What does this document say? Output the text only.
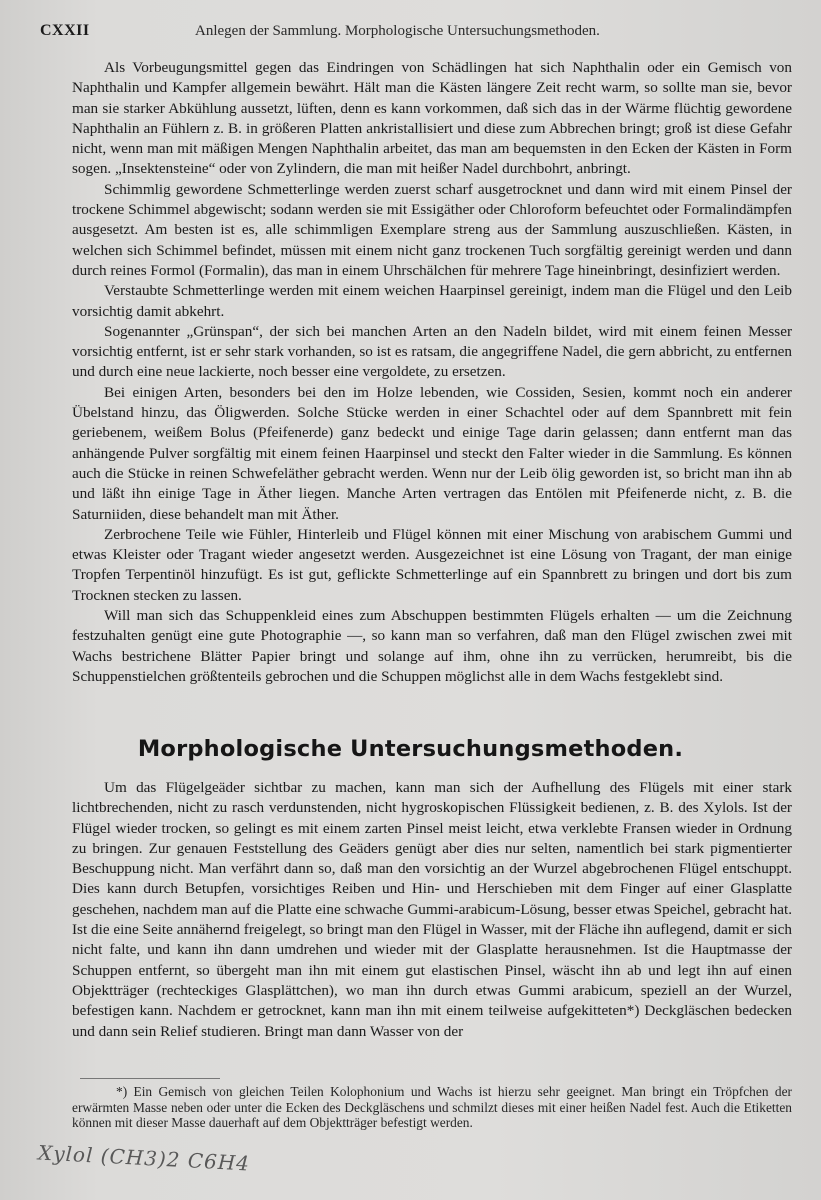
CXXII	Anlegen der Sammlung. Morphologische Untersuchungsmethoden.

Als Vorbeugungsmittel gegen das Eindringen von Schädlingen hat sich Naphthalin oder ein Gemisch von Naphthalin und Kampfer allgemein bewährt. Hält man die Kästen längere Zeit recht warm, so sollte man sie, bevor man sie starker Abkühlung aussetzt, lüften, denn es kann vorkommen, daß sich das in der Wärme flüchtig gewordene Naphthalin an Fühlern z. B. in größeren Platten ankristallisiert und diese zum Abbrechen bringt; groß ist diese Gefahr nicht, wenn man mit mäßigen Mengen Naphthalin arbeitet, das man am bequemsten in den Ecken der Kästen in Form sogen. „Insektensteine“ oder von Zylindern, die man mit heißer Nadel durchbohrt, anbringt.

Schimmlig gewordene Schmetterlinge werden zuerst scharf ausgetrocknet und dann wird mit einem Pinsel der trockene Schimmel abgewischt; sodann werden sie mit Essigäther oder Chloroform befeuchtet oder Formalindämpfen ausgesetzt. Am besten ist es, alle schimmligen Exemplare streng aus der Sammlung auszuschließen. Kästen, in welchen sich Schimmel befindet, müssen mit einem nicht ganz trockenen Tuch sorgfältig gereinigt werden und dann durch reines Formol (Formalin), das man in einem Uhrschälchen für mehrere Tage hineinbringt, desinfiziert werden.

Verstaubte Schmetterlinge werden mit einem weichen Haarpinsel gereinigt, indem man die Flügel und den Leib vorsichtig damit abkehrt.

Sogenannter „Grünspan“, der sich bei manchen Arten an den Nadeln bildet, wird mit einem feinen Messer vorsichtig entfernt, ist er sehr stark vorhanden, so ist es ratsam, die angegriffene Nadel, die gern abbricht, zu entfernen und durch eine neue lackierte, noch besser eine vergoldete, zu ersetzen.

Bei einigen Arten, besonders bei den im Holze lebenden, wie Cossiden, Sesien, kommt noch ein anderer Übelstand hinzu, das Öligwerden. Solche Stücke werden in einer Schachtel oder auf dem Spannbrett mit fein geriebenem, weißem Bolus (Pfeifenerde) ganz bedeckt und einige Tage darin gelassen; dann entfernt man das anhängende Pulver sorgfältig mit einem feinen Haarpinsel und steckt den Falter wieder in die Sammlung. Es können auch die Stücke in reinen Schwefeläther gebracht werden. Wenn nur der Leib ölig geworden ist, so bricht man ihn ab und läßt ihn einige Tage in Äther liegen. Manche Arten vertragen das Entölen mit Pfeifenerde nicht, z. B. die Saturniiden, diese behandelt man mit Äther.

Zerbrochene Teile wie Fühler, Hinterleib und Flügel können mit einer Mischung von arabischem Gummi und etwas Kleister oder Tragant wieder angesetzt werden. Ausgezeichnet ist eine Lösung von Tragant, der man einige Tropfen Terpentinöl hinzufügt. Es ist gut, geflickte Schmetterlinge auf ein Spannbrett zu bringen und dort bis zum Trocknen stecken zu lassen.

Will man sich das Schuppenkleid eines zum Abschuppen bestimmten Flügels erhalten — um die Zeichnung festzuhalten genügt eine gute Photographie —, so kann man so verfahren, daß man den Flügel zwischen zwei mit Wachs bestrichene Blätter Papier bringt und solange auf ihm, ohne ihn zu verrücken, herumreibt, bis die Schuppenstielchen größtenteils gebrochen und die Schuppen möglichst alle in dem Wachs festgeklebt sind.

Morphologische Untersuchungsmethoden.

Um das Flügelgeäder sichtbar zu machen, kann man sich der Aufhellung des Flügels mit einer stark lichtbrechenden, nicht zu rasch verdunstenden, nicht hygroskopischen Flüssigkeit bedienen, z. B. des Xylols. Ist der Flügel wieder trocken, so gelingt es mit einem zarten Pinsel meist leicht, etwa verklebte Fransen wieder in Ordnung zu bringen. Zur genauen Feststellung des Geäders genügt aber dies nur selten, namentlich bei stark pigmentierter Beschuppung nicht. Man verfährt dann so, daß man den vorsichtig an der Wurzel abgebrochenen Flügel entschuppt. Dies kann durch Betupfen, vorsichtiges Reiben und Hin- und Herschieben mit dem Finger auf einer Glasplatte geschehen, nachdem man auf die Platte eine schwache Gummi-arabicum-Lösung, besser etwas Speichel, gebracht hat. Ist die eine Seite annähernd freigelegt, so bringt man den Flügel in Wasser, mit der Fläche ihn auflegend, damit er sich nicht falte, und kann ihn dann umdrehen und wieder mit der Glasplatte herausnehmen. Ist die Hauptmasse der Schuppen entfernt, so übergeht man ihn mit einem gut elastischen Pinsel, wäscht ihn ab und legt ihn auf einen Objektträger (rechteckiges Glasplättchen), wo man ihn durch etwas Gummi arabicum, speziell an der Wurzel, befestigen kann. Nachdem er getrocknet, kann man ihn mit einem teilweise aufgekitteten*) Deckgläschen bedecken und dann sein Relief studieren. Bringt man dann Wasser von der

*) Ein Gemisch von gleichen Teilen Kolophonium und Wachs ist hierzu sehr geeignet. Man bringt ein Tröpfchen der erwärmten Masse neben oder unter die Ecken des Deckgläschens und schmilzt dieses mit einer heißen Nadel fest. Auch die Etiketten können mit dieser Masse dauerhaft auf dem Objektträger befestigt werden.

Xylol (CH3)2 C6H4
